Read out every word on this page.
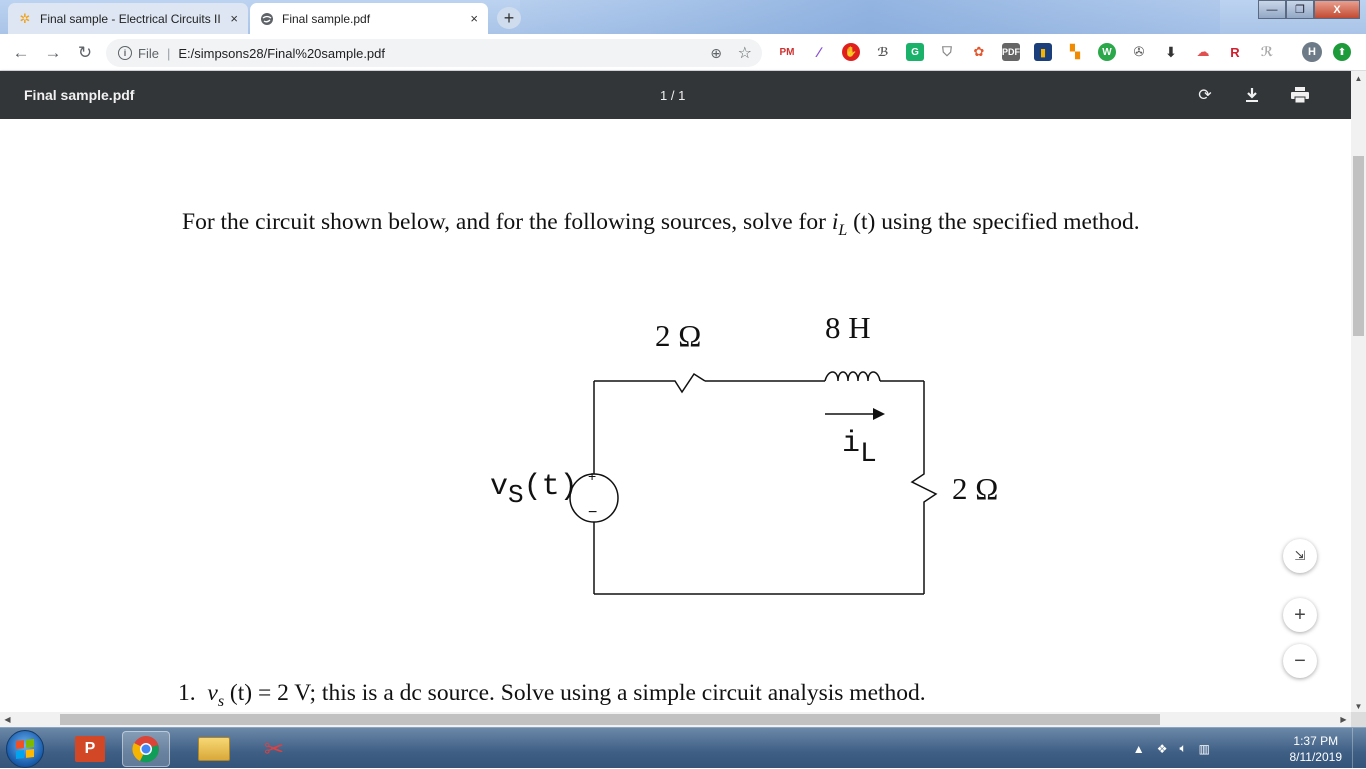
✲ Final sample - Electrical Circuits II ×	Final sample.pdf	×	+	—	❐	X
← → ↻	i File | E:/simpsons28/Final%20sample.pdf	⊕ ☆	PM	∕	✋ ℬ	G	⛉	✿	PDF	▮	▚	W	✇ ⬇ ☁	R	ℛ	⬆
H
Final sample.pdf	1 / 1	⟳
For the circuit shown below, and for the following sources, solve for $i_L$ (t) using the specified method.
2 Ω	8 H
iL
vS(t) +
−
2 Ω
1. $v_s$ (t) = 2 V; this is a dc source. Solve using a simple circuit analysis method.
⇲
+
−
▲
▼
◀	▶
P	✂	▲ ❖ 🔈︎ ▥
1:37 PM
8/11/2019
